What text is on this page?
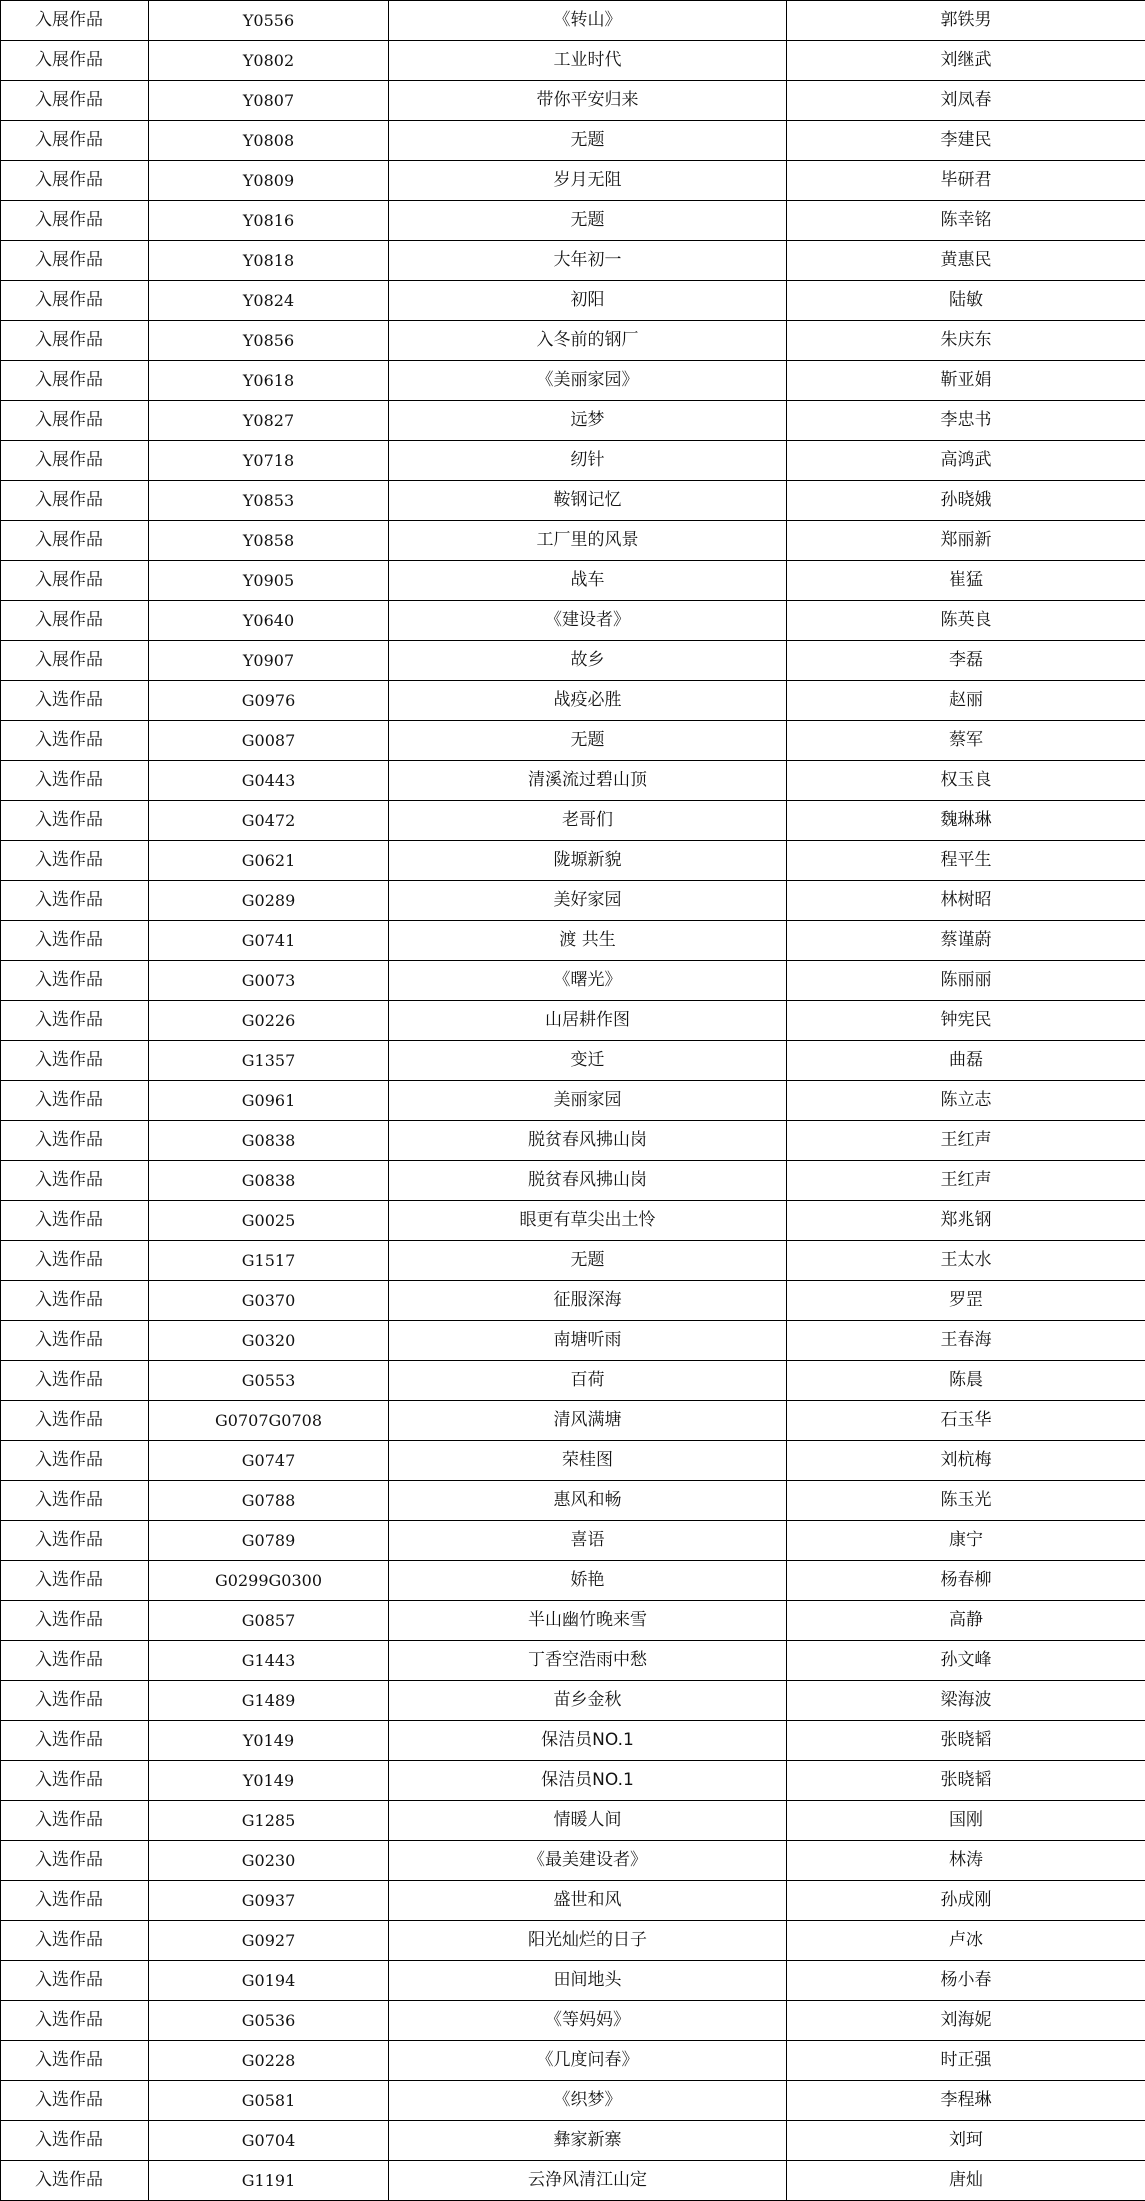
入展作品	Y0556	《转山》	郭铁男
入展作品	Y0802	工业时代	刘继武
入展作品	Y0807	带你平安归来	刘凤春
入展作品	Y0808	无题	李建民
入展作品	Y0809	岁月无阻	毕研君
入展作品	Y0816	无题	陈幸铭
入展作品	Y0818	大年初一	黄惠民
入展作品	Y0824	初阳	陆敏
入展作品	Y0856	入冬前的钢厂	朱庆东
入展作品	Y0618	《美丽家园》	靳亚娟
入展作品	Y0827	远梦	李忠书
入展作品	Y0718	纫针	高鸿武
入展作品	Y0853	鞍钢记忆	孙晓娥
入展作品	Y0858	工厂里的风景	郑丽新
入展作品	Y0905	战车	崔猛
入展作品	Y0640	《建设者》	陈英良
入展作品	Y0907	故乡	李磊
入选作品	G0976	战疫必胜	赵丽
入选作品	G0087	无题	蔡军
入选作品	G0443	清溪流过碧山顶	权玉良
入选作品	G0472	老哥们	魏琳琳
入选作品	G0621	陇塬新貌	程平生
入选作品	G0289	美好家园	林树昭
入选作品	G0741	渡 共生	蔡谨蔚
入选作品	G0073	《曙光》	陈丽丽
入选作品	G0226	山居耕作图	钟宪民
入选作品	G1357	变迁	曲磊
入选作品	G0961	美丽家园	陈立志
入选作品	G0838	脱贫春风拂山岗	王红声
入选作品	G0838	脱贫春风拂山岗	王红声
入选作品	G0025	眼更有草尖出土怜	郑兆钢
入选作品	G1517	无题	王太水
入选作品	G0370	征服深海	罗罡
入选作品	G0320	南塘听雨	王春海
入选作品	G0553	百荷	陈晨
入选作品	G0707G0708	清风满塘	石玉华
入选作品	G0747	荣桂图	刘杭梅
入选作品	G0788	惠风和畅	陈玉光
入选作品	G0789	喜语	康宁
入选作品	G0299G0300	娇艳	杨春柳
入选作品	G0857	半山幽竹晚来雪	高静
入选作品	G1443	丁香空浩雨中愁	孙文峰
入选作品	G1489	苗乡金秋	梁海波
入选作品	Y0149	保洁员NO.1	张晓韬
入选作品	Y0149	保洁员NO.1	张晓韬
入选作品	G1285	情暖人间	国刚
入选作品	G0230	《最美建设者》	林涛
入选作品	G0937	盛世和风	孙成刚
入选作品	G0927	阳光灿烂的日子	卢冰
入选作品	G0194	田间地头	杨小春
入选作品	G0536	《等妈妈》	刘海妮
入选作品	G0228	《几度问春》	时正强
入选作品	G0581	《织梦》	李程琳
入选作品	G0704	彝家新寨	刘珂
入选作品	G1191	云浄风清江山定	唐灿
